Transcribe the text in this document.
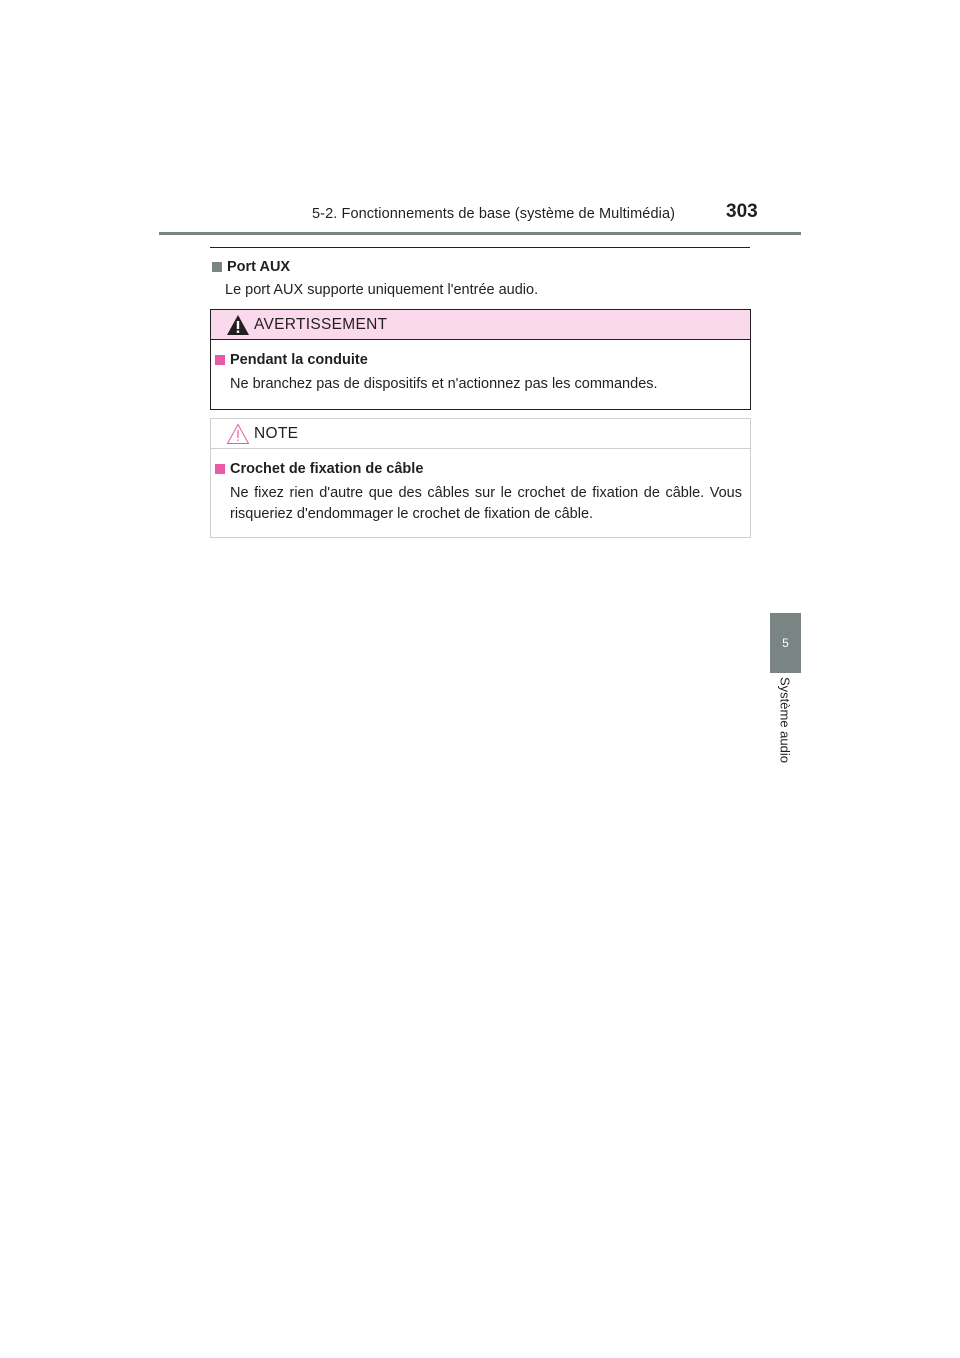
5-2. Fonctionnements de base (système de Multimédia)	303
5
Système audio
Port AUX
Le port AUX supporte uniquement l'entrée audio.
AVERTISSEMENT
Pendant la conduite
Ne branchez pas de dispositifs et n'actionnez pas les commandes.
NOTE
Crochet de fixation de câble
Ne fixez rien d'autre que des câbles sur le crochet de fixation de câble. Vous risqueriez d'endommager le crochet de fixation de câble.
